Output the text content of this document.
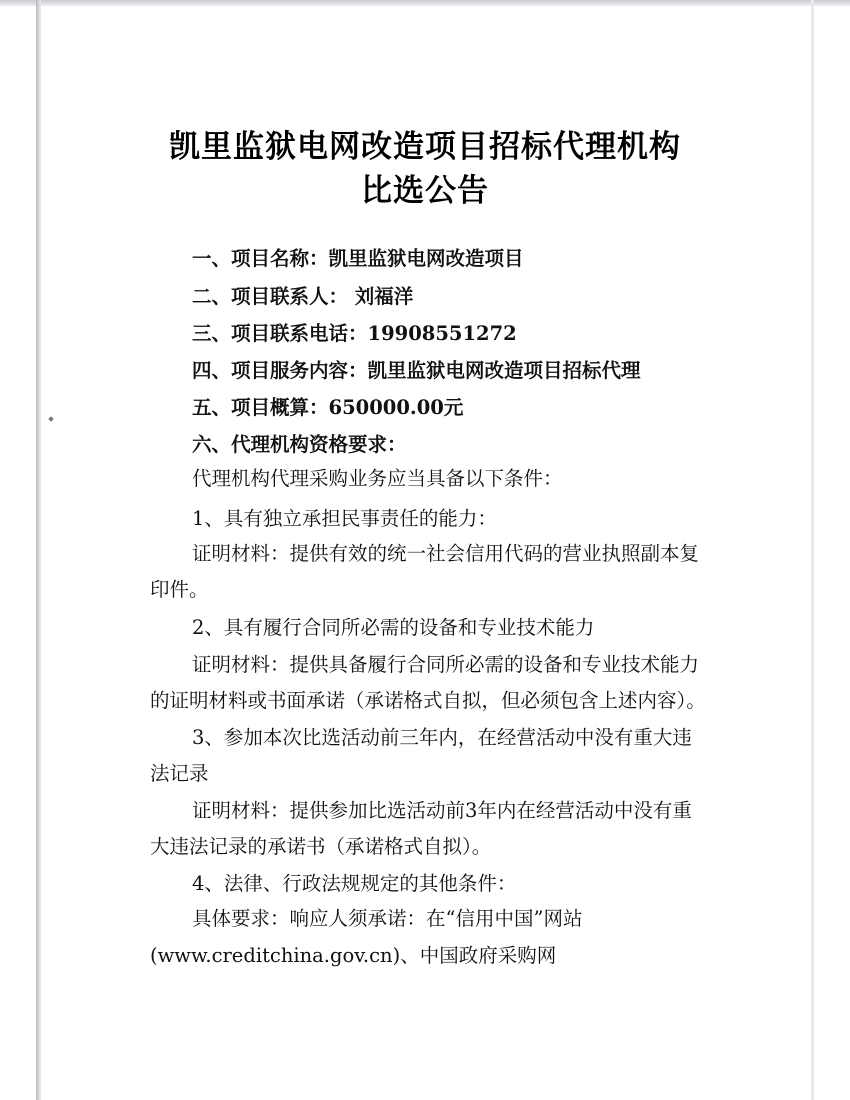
凯里监狱电网改造项目招标代理机构
比选公告
一、项目名称：凯里监狱电网改造项目
二、项目联系人： 刘福洋
三、项目联系电话：19908551272
四、项目服务内容：凯里监狱电网改造项目招标代理
五、项目概算：650000.00元
六、代理机构资格要求：
代理机构代理采购业务应当具备以下条件：
1、具有独立承担民事责任的能力：
证明材料：提供有效的统一社会信用代码的营业执照副本复
印件。
2、具有履行合同所必需的设备和专业技术能力
证明材料：提供具备履行合同所必需的设备和专业技术能力
的证明材料或书面承诺（承诺格式自拟，但必须包含上述内容）。
3、参加本次比选活动前三年内，在经营活动中没有重大违
法记录
证明材料：提供参加比选活动前3年内在经营活动中没有重
大违法记录的承诺书（承诺格式自拟）。
4、法律、行政法规规定的其他条件：
具体要求：响应人须承诺：在“信用中国”网站
(www.creditchina.gov.cn)、中国政府采购网
